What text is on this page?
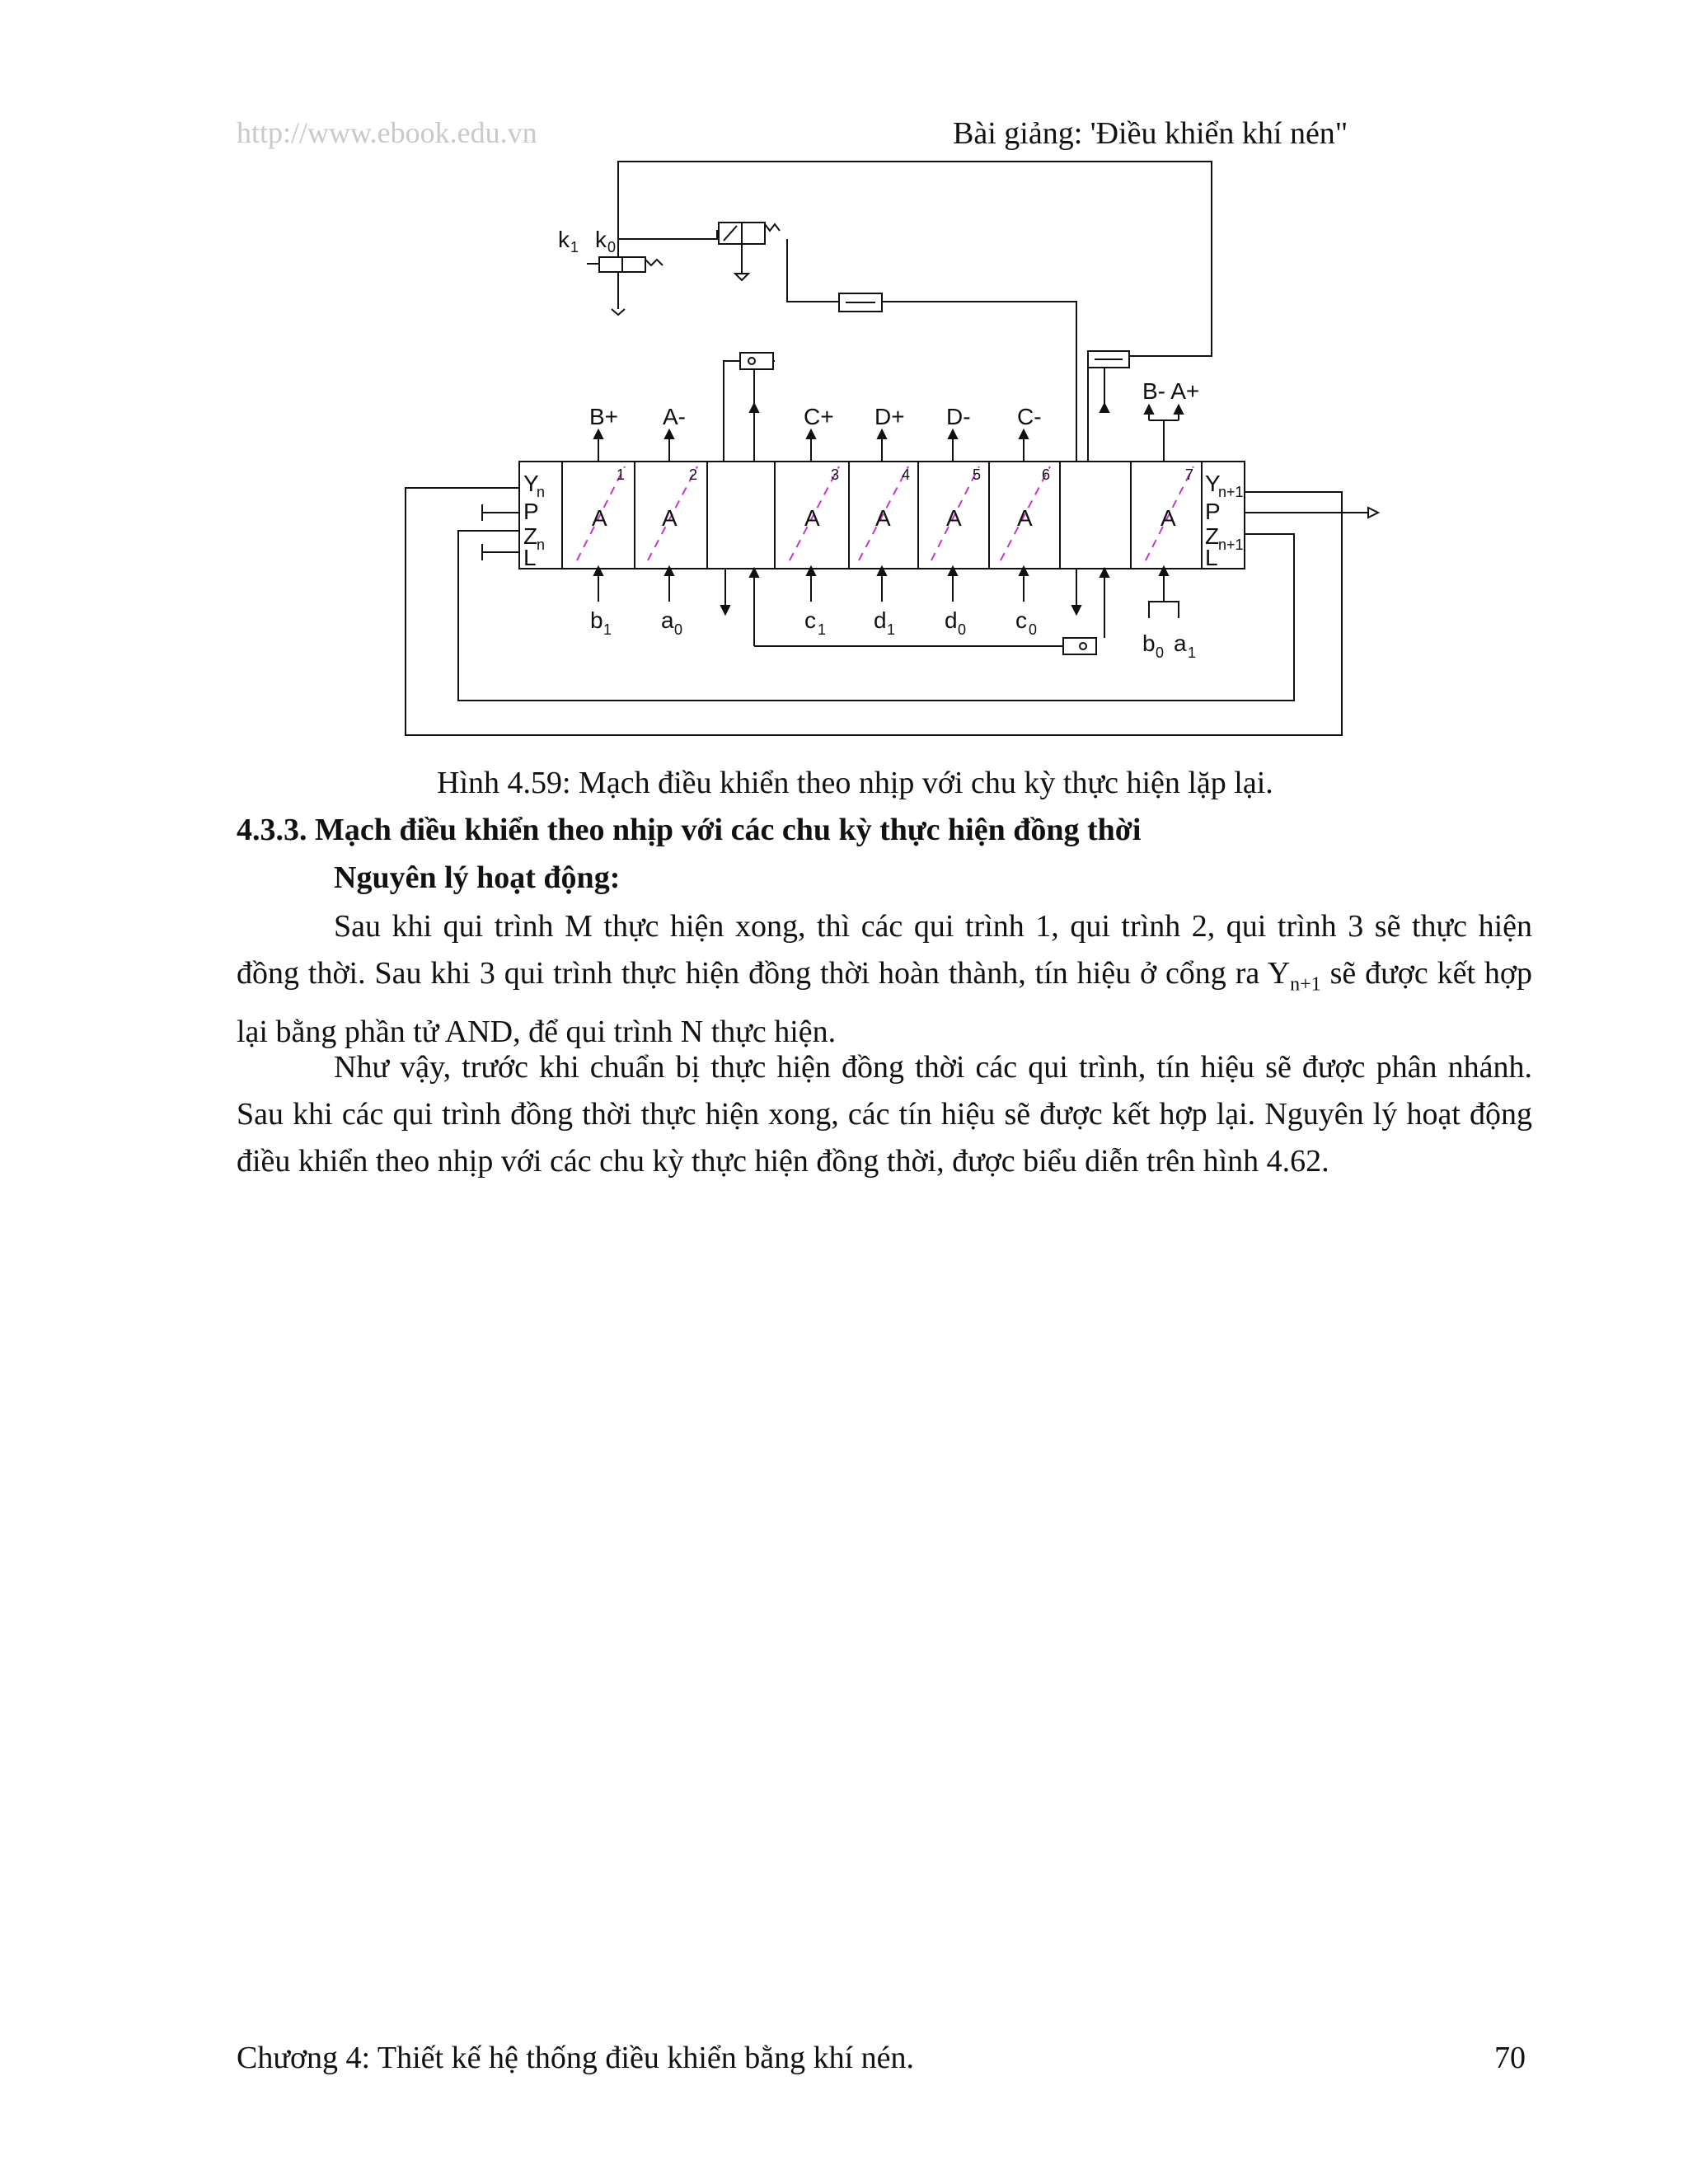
http://www.ebook.edu.vn	Bài giảng: 'Điều khiển khí nén"
k 1 k 0
A A	A A A A	A
1	2	3	4	5	6	7
Y
n
P
Z
n
L
Y
n+1
P
Z
n+1
L
B+ A-	C+ D+ D- C-
B- A+
b 1 a 0	c 1 d 1 d 0 c 0
b 0 a 1
Hình 4.59: Mạch điều khiển theo nhịp với chu kỳ thực hiện lặp lại.
4.3.3. Mạch điều khiển theo nhịp với các chu kỳ thực hiện đồng thời
Nguyên lý hoạt động:

Sau khi qui trình M thực hiện xong, thì các qui trình 1, qui trình 2, qui trình 3 sẽ thực hiện đồng thời. Sau khi 3 qui trình thực hiện đồng thời hoàn thành, tín hiệu ở cổng ra $Y_{n+1}$ sẽ được kết hợp lại bằng phần tử AND, để qui trình N thực hiện.

Như vậy, trước khi chuẩn bị thực hiện đồng thời các qui trình, tín hiệu sẽ được phân nhánh. Sau khi các qui trình đồng thời thực hiện xong, các tín hiệu sẽ được kết hợp lại. Nguyên lý hoạt động điều khiển theo nhịp với các chu kỳ thực hiện đồng thời, được biểu diễn trên hình 4.62.

Chương 4: Thiết kế hệ thống điều khiển bằng khí nén.	70
